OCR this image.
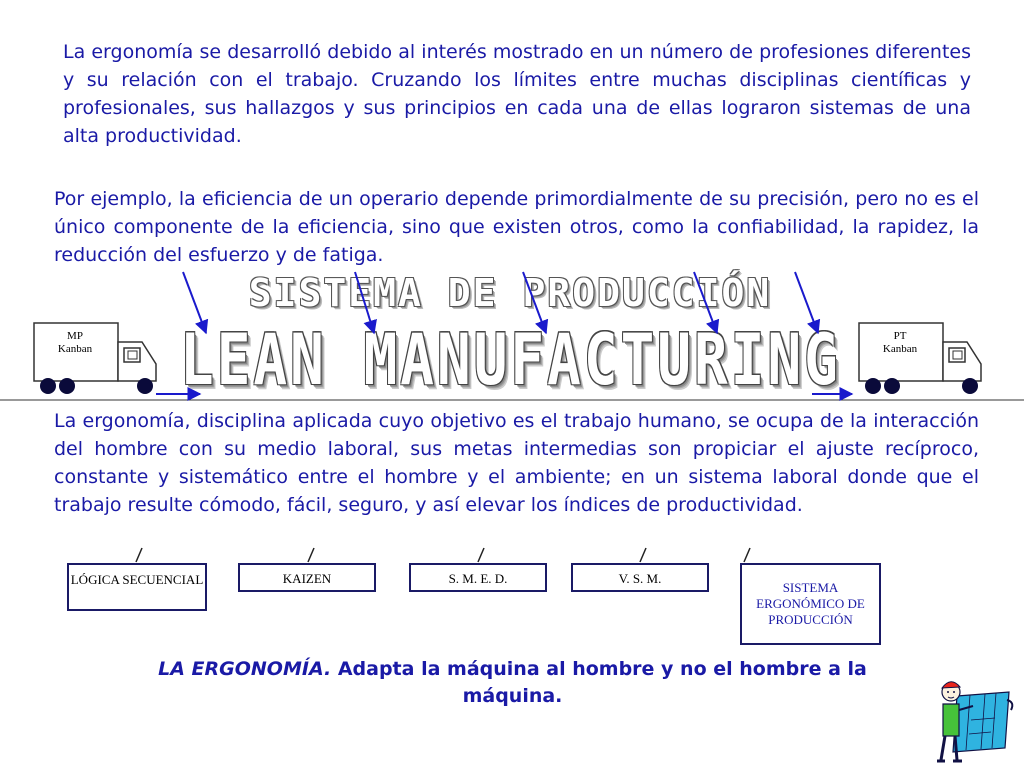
La ergonomía se desarrolló debido al interés mostrado en un número de profesiones diferentes y su relación con el trabajo. Cruzando los límites entre muchas disciplinas científicas y profesionales, sus hallazgos y sus principios en cada una de ellas lograron sistemas de una alta productividad.

Por ejemplo, la eficiencia de un operario depende primordialmente de su precisión, pero no es el único componente de la eficiencia, sino que existen otros, como la confiabilidad, la rapidez, la reducción del esfuerzo y de fatiga.

SISTEMA DE PRODUCCIÓN
LEAN MANUFACTURING
MP
Kanban
PT
Kanban

La ergonomía, disciplina aplicada cuyo objetivo es el trabajo humano, se ocupa de la interacción del hombre con su medio laboral, sus metas intermedias son propiciar el ajuste recíproco, constante y sistemático entre el hombre y el ambiente; en un sistema laboral donde que el trabajo resulte cómodo, fácil, seguro, y así elevar los índices de productividad.

LÓGICA SECUENCIAL	KAIZEN	S. M. E. D.	V. S. M.
SISTEMA ERGONÓMICO DE PRODUCCIÓN
LA ERGONOMÍA. Adapta la máquina al hombre y no el hombre a la máquina.
